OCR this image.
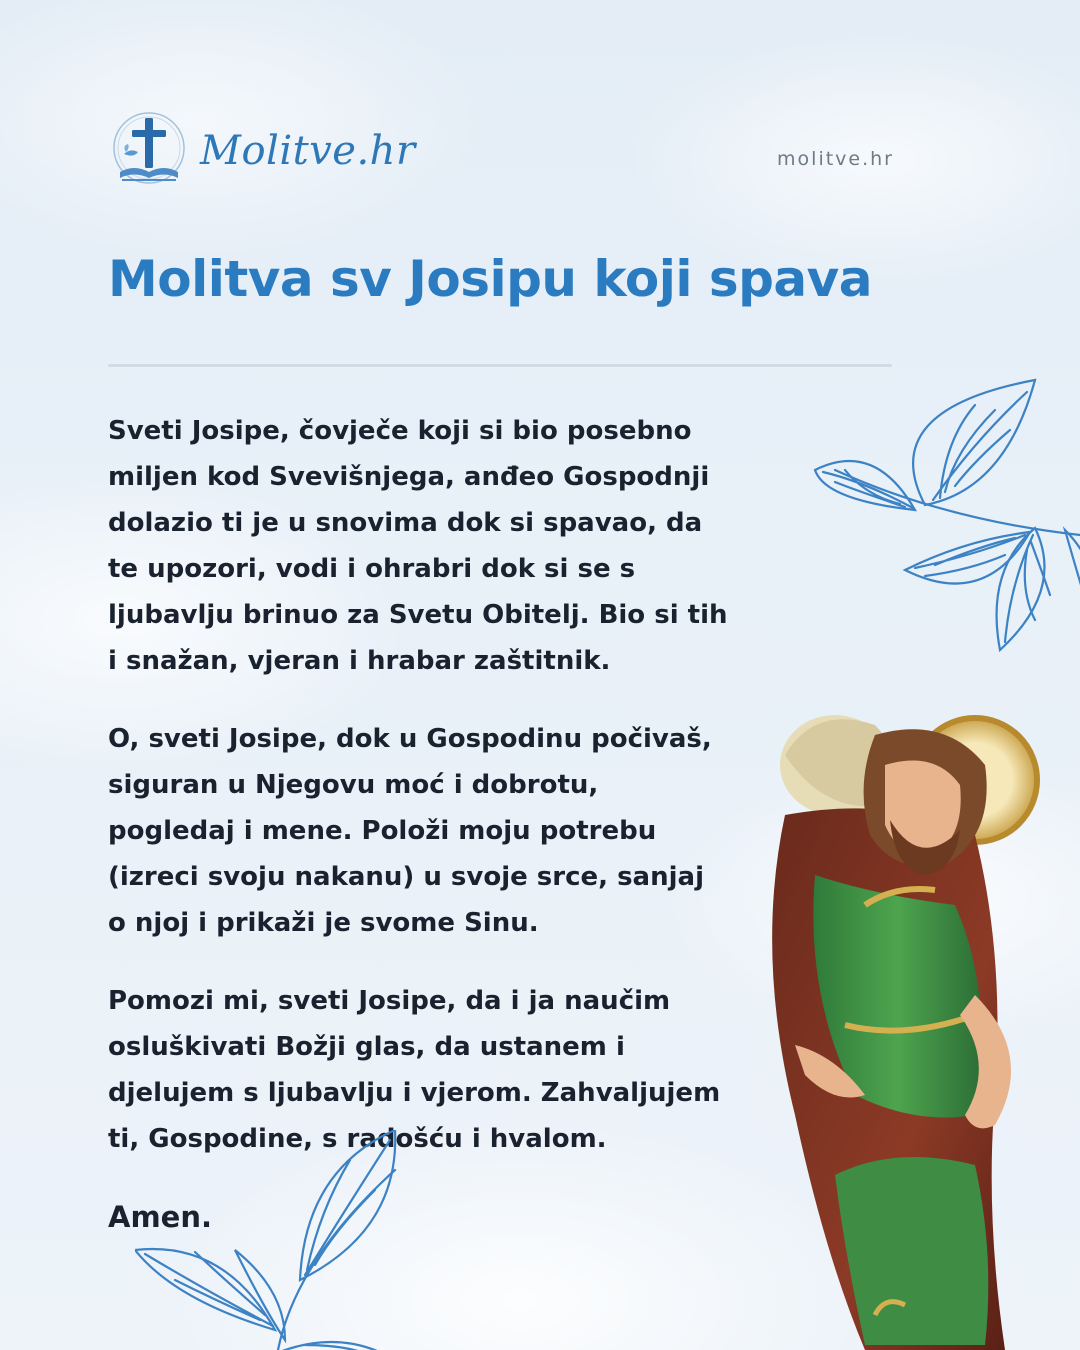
Molitve.hr	molitve.hr
Molitva sv Josipu koji spava

Sveti Josipe, čovječe koji si bio posebno miljen kod Svevišnjega, anđeo Gospodnji dolazio ti je u snovima dok si spavao, da te upozori, vodi i ohrabri dok si se s ljubavlju brinuo za Svetu Obitelj. Bio si tih i snažan, vjeran i hrabar zaštitnik.

O, sveti Josipe, dok u Gospodinu počivaš, siguran u Njegovu moć i dobrotu, pogledaj i mene. Položi moju potrebu (izreci svoju nakanu) u svoje srce, sanjaj o njoj i prikaži je svome Sinu.

Pomozi mi, sveti Josipe, da i ja naučim osluškivati Božji glas, da ustanem i djelujem s ljubavlju i vjerom. Zahvaljujem ti, Gospodine, s radošću i hvalom.

Amen.
